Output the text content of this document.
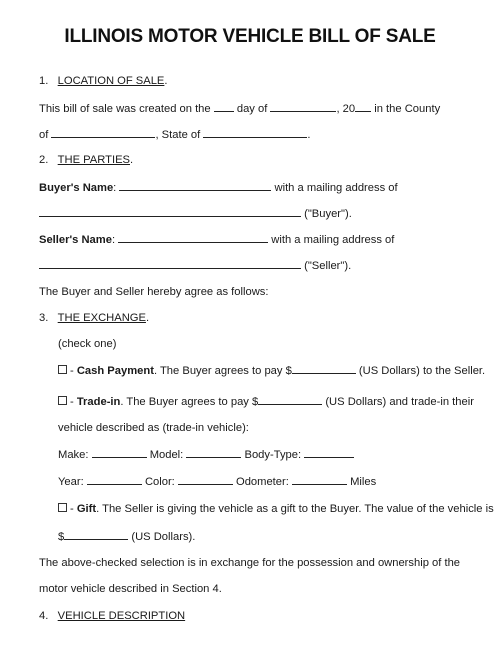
ILLINOIS MOTOR VEHICLE BILL OF SALE
1. LOCATION OF SALE.
This bill of sale was created on the day of	, 20 in the County
of	, State of	.
2. THE PARTIES.
Buyer's Name:	with a mailing address of
("Buyer").
Seller's Name:	with a mailing address of
("Seller").
The Buyer and Seller hereby agree as follows:
3. THE EXCHANGE.
(check one)
- Cash Payment. The Buyer agrees to pay $	(US Dollars) to the Seller.
- Trade-in. The Buyer agrees to pay $	(US Dollars) and trade-in their
vehicle described as (trade-in vehicle):
Make:	Model:	Body-Type:
Year:	Color:	Odometer:	Miles
- Gift. The Seller is giving the vehicle as a gift to the Buyer. The value of the vehicle is
$	(US Dollars).
The above-checked selection is in exchange for the possession and ownership of the
motor vehicle described in Section 4.
4. VEHICLE DESCRIPTION
